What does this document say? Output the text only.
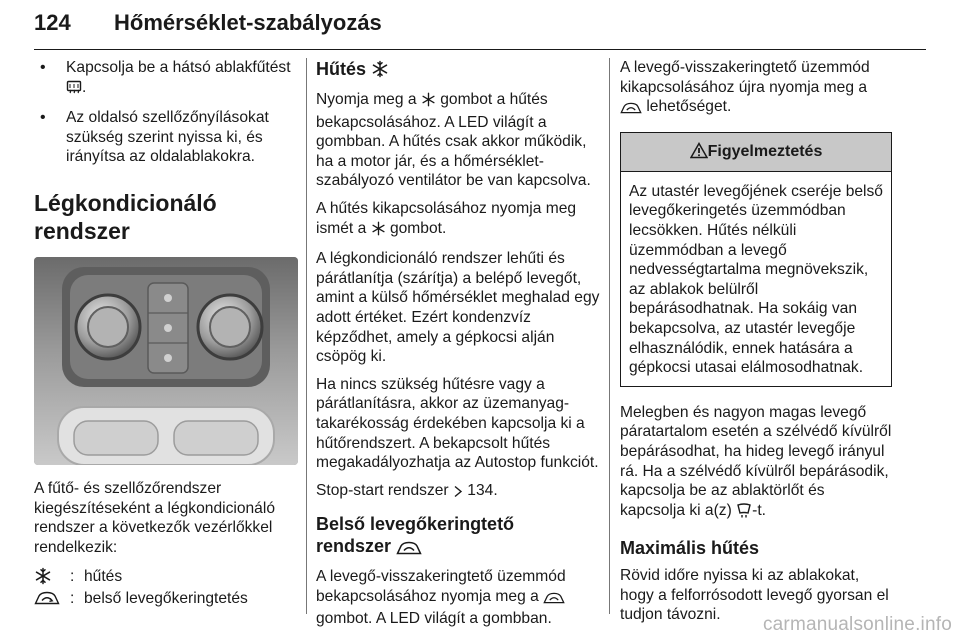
124 Hőmérséklet-szabályozás
• Kapcsolja be a hátsó ablakfűtést .
• Az oldalsó szellőzőnyílásokat szükség szerint nyissa ki, és irányítsa az oldalablakokra.
Légkondicionáló rendszer

A fűtő- és szellőzőrendszer kiegészítéseként a légkondicionáló rendszer a következők vezérlőkkel rendelkezik:

: hűtés
: belső levegőkeringtetés
Hűtés

Nyomja meg a gombot a hűtés bekapcsolásához. A LED világít a gombban. A hűtés csak akkor működik, ha a motor jár, és a hőmérséklet-szabályozó ventilátor be van kapcsolva.

A hűtés kikapcsolásához nyomja meg ismét a gombot.

A légkondicionáló rendszer lehűti és párátlanítja (szárítja) a belépő levegőt, amint a külső hőmérséklet meghalad egy adott értéket. Ezért kondenzvíz képződhet, amely a gépkocsi alján csöpög ki.

Ha nincs szükség hűtésre vagy a párátlanításra, akkor az üzemanyag-takarékosság érdekében kapcsolja ki a hűtőrendszert. A bekapcsolt hűtés megakadályozhatja az Autostop funkciót.

Stop-start rendszer 134.

Belső levegőkeringtető
rendszer

A levegő-visszakeringtető üzemmód bekapcsolásához nyomja meg a  gombot. A LED világít a gombban.

A levegő-visszakeringtető üzemmód kikapcsolásához újra nyomja meg a  lehetőséget.

Figyelmeztetés
Az utastér levegőjének cseréje belső levegőkeringetés üzemmódban lecsökken. Hűtés nélküli üzemmódban a levegő nedvességtartalma megnövekszik, az ablakok belülről bepárásodhatnak. Ha sokáig van bekapcsolva, az utastér levegője elhasználódik, ennek hatására a gépkocsi utasai elálmosodhatnak.

Melegben és nagyon magas levegő páratartalom esetén a szélvédő kívülről bepárásodhat, ha hideg levegő irányul rá. Ha a szélvédő kívülről bepárásodik, kapcsolja be az ablaktörlőt és kapcsolja ki a(z) -t.

Maximális hűtés

Rövid időre nyissa ki az ablakokat, hogy a felforrósodott levegő gyorsan el tudjon távozni.	carmanualsonline.info
